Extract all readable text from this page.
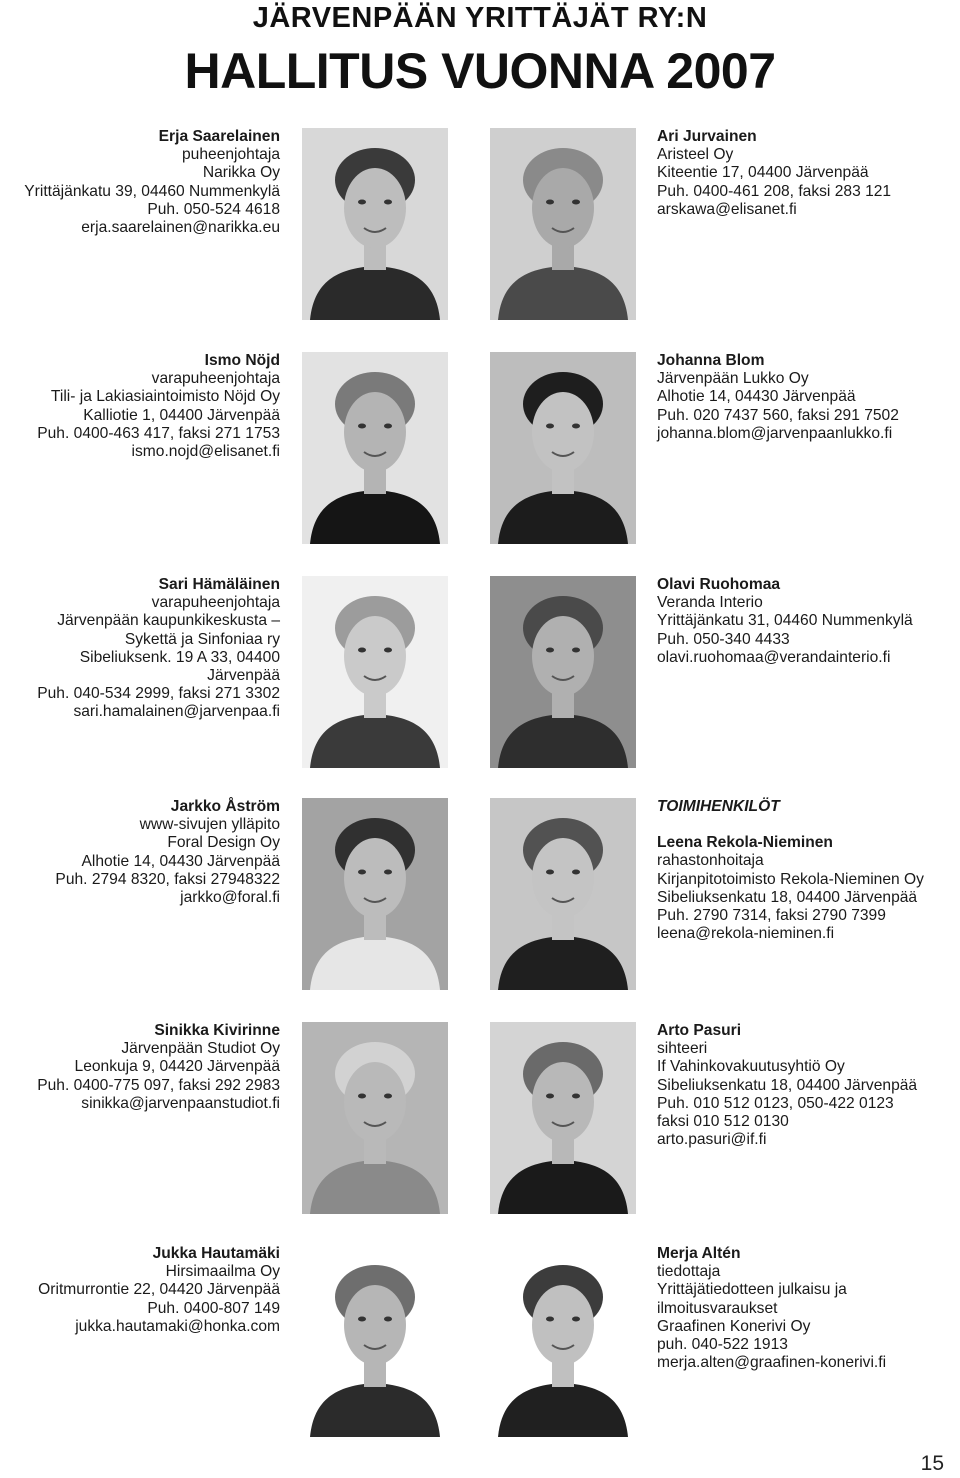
JÄRVENPÄÄN YRITTÄJÄT RY:N
HALLITUS VUONNA 2007
Erja Saarelainen
puheenjohtaja
Narikka Oy
Yrittäjänkatu 39, 04460 Nummenkylä
Puh. 050-524 4618
erja.saarelainen@narikka.eu
Ari Jurvainen
Aristeel Oy
Kiteentie 17, 04400 Järvenpää
Puh. 0400-461 208, faksi 283 121
arskawa@elisanet.fi
Ismo Nöjd
varapuheenjohtaja
Tili- ja Lakiasiaintoimisto Nöjd Oy
Kalliotie 1, 04400 Järvenpää
Puh. 0400-463 417, faksi 271 1753
ismo.nojd@elisanet.fi
Johanna Blom
Järvenpään Lukko Oy
Alhotie 14, 04430 Järvenpää
Puh. 020 7437 560, faksi 291 7502
johanna.blom@jarvenpaanlukko.fi
Sari Hämäläinen
varapuheenjohtaja
Järvenpään kaupunkikeskusta –
Sykettä ja Sinfoniaa ry
Sibeliuksenk. 19 A 33, 04400
Järvenpää
Puh. 040-534 2999, faksi 271 3302
sari.hamalainen@jarvenpaa.fi
Olavi Ruohomaa
Veranda Interio
Yrittäjänkatu 31, 04460 Nummenkylä
Puh. 050-340 4433
olavi.ruohomaa@verandainterio.fi
Jarkko Åström
www-sivujen ylläpito
Foral Design Oy
Alhotie 14, 04430 Järvenpää
Puh. 2794 8320, faksi 27948322
jarkko@foral.fi
TOIMIHENKILÖT
Leena Rekola-Nieminen
rahastonhoitaja
Kirjanpitotoimisto Rekola-Nieminen Oy
Sibeliuksenkatu 18, 04400 Järvenpää
Puh. 2790 7314, faksi 2790 7399
leena@rekola-nieminen.fi
Sinikka Kivirinne
Järvenpään Studiot Oy
Leonkuja 9, 04420 Järvenpää
Puh. 0400-775 097, faksi 292 2983
sinikka@jarvenpaanstudiot.fi
Arto Pasuri
sihteeri
If Vahinkovakuutusyhtiö Oy
Sibeliuksenkatu 18, 04400 Järvenpää
Puh. 010 512 0123, 050-422 0123
faksi 010 512 0130
arto.pasuri@if.fi
Jukka Hautamäki
Hirsimaailma Oy
Oritmurrontie 22, 04420 Järvenpää
Puh. 0400-807 149
jukka.hautamaki@honka.com
Merja Altén
tiedottaja
Yrittäjätiedotteen julkaisu ja
ilmoitusvaraukset
Graafinen Konerivi Oy
puh. 040-522 1913
merja.alten@graafinen-konerivi.fi
15
